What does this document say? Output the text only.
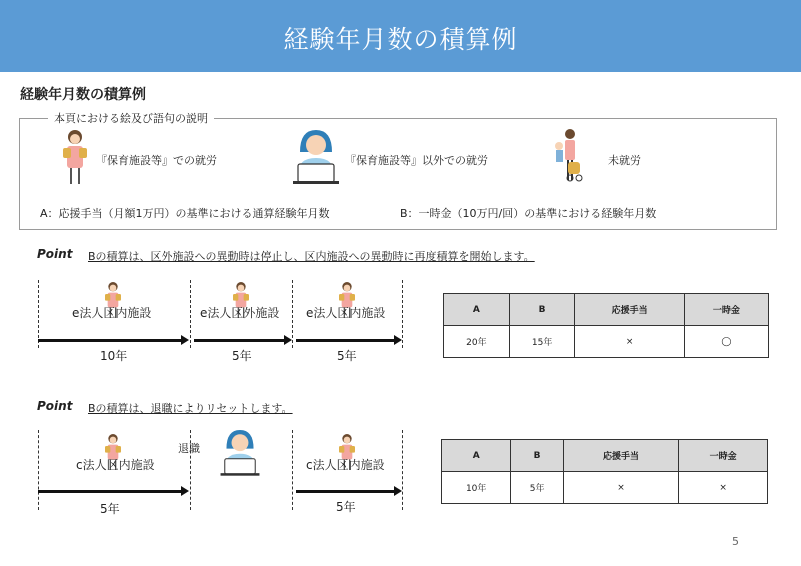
経験年月数の積算例
経験年月数の積算例
本頁における絵及び語句の説明
『保育施設等』での就労	『保育施設等』以外での就労	未就労
A：応援手当（月額1万円）の基準における通算経験年月数	B：一時金（10万円/回）の基準における経験年月数
Point Bの積算は、区外施設への異動時は停止し、区内施設への異動時に再度積算を開始します。
e法人区内施設	e法人区外施設 e法人区内施設
10年	5年	5年
A	B	応援手当	一時金
20年	15年	×	◯
Point Bの積算は、退職によりリセットします。
退職
c法人区内施設	c法人区内施設
5年	5年
A	B	応援手当	一時金
10年	5年	×	×
5
